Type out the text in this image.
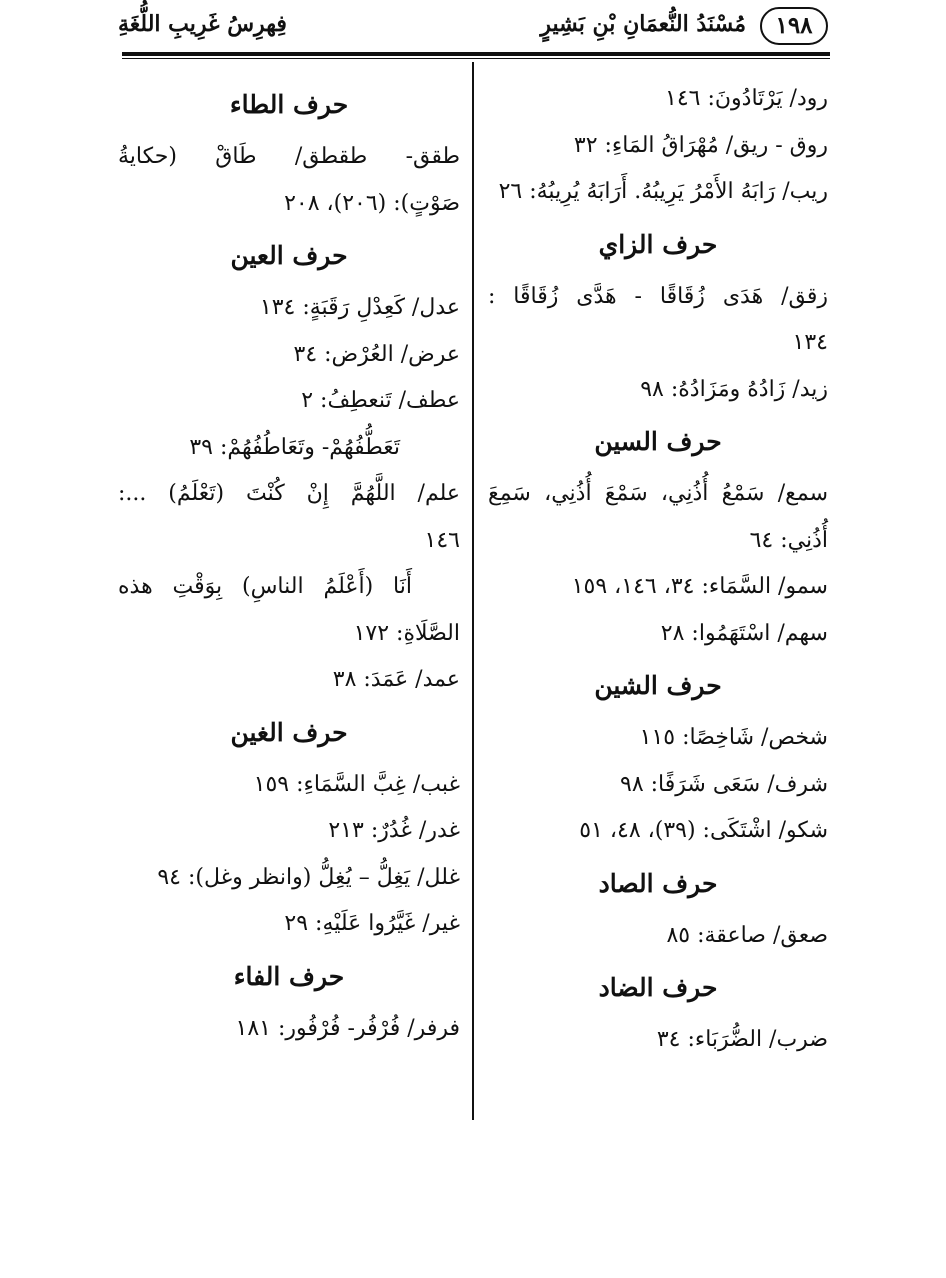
١٩٨
مُسْنَدُ النُّعمَانِ بْنِ بَشِيرٍ
فِهرِسُ غَرِيبِ اللُّغَةِ
رود/ يَرْتَادُونَ: ١٤٦
روق - ريق/ مُهْرَاقُ المَاءِ: ٣٢
ريب/ رَابَهُ الأَمْرُ يَرِيبُهُ. أَرَابَهُ يُرِيبُهُ: ٢٦
حرف الزاي
زقق/ هَدَى زُقَاقًا - هَدَّى زُقَاقًا :
١٣٤
زيد/ زَادُهُ ومَزَادُهُ: ٩٨
حرف السين
سمع/ سَمْعُ أُذُنِي، سَمْعَ أُذُنِي، سَمِعَ
أُذُنِي: ٦٤
سمو/ السَّمَاء: ٣٤، ١٤٦، ١٥٩
سهم/ اسْتَهَمُوا: ٢٨
حرف الشين
شخص/ شَاخِصًا: ١١٥
شرف/ سَعَى شَرَفًا: ٩٨
شكو/ اشْتَكَى: (٣٩)، ٤٨، ٥١
حرف الصاد
صعق/ صاعقة: ٨٥
حرف الضاد
ضرب/ الضُّرَبَاء: ٣٤
حرف الطاء
طقق- طقطق/ طَاقْ (حكايةُ
صَوْتٍ): (٢٠٦)، ٢٠٨
حرف العين
عدل/ كَعِدْلِ رَقَبَةٍ: ١٣٤
عرض/ العُرْض: ٣٤
عطف/ تَنعطِفُ: ٢
تَعَطُّفُهُمْ- وتَعَاطُفُهُمْ: ٣٩
علم/ اللَّهُمَّ إِنْ كُنْتَ (تَعْلَمُ) ...:
١٤٦
أَنَا (أَعْلَمُ الناسِ) بِوَقْتِ هذه
الصَّلَاةِ: ١٧٢
عمد/ عَمَدَ: ٣٨
حرف الغين
غبب/ غِبَّ السَّمَاءِ: ١٥٩
غدر/ غُدُرٌ: ٢١٣
غلل/ يَغِلُّ – يُغِلُّ (وانظر وغل): ٩٤
غير/ غَيَّرُوا عَلَيْهِ: ٢٩
حرف الفاء
فرفر/ فُرْفُر- فُرْفُور: ١٨١
